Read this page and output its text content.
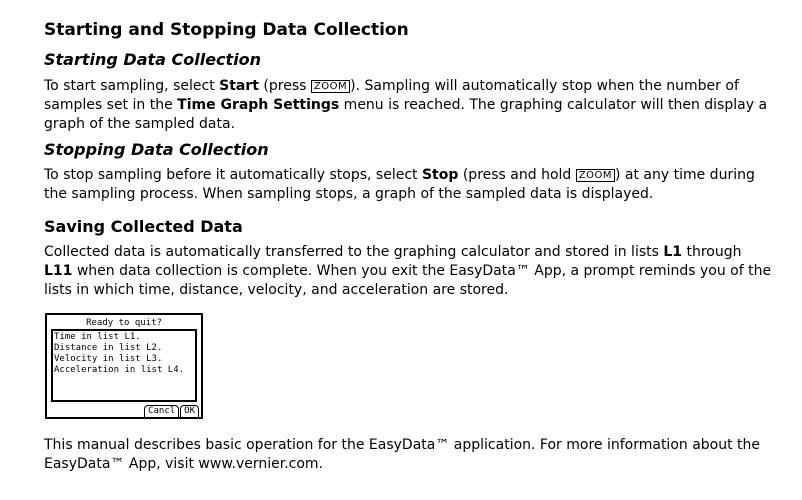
Starting and Stopping Data Collection
Starting Data Collection

To start sampling, select Start (press ZOOM ). Sampling will automatically stop when the number of samples set in the Time Graph Settings menu is reached. The graphing calculator will then display a graph of the sampled data.

Stopping Data Collection

To stop sampling before it automatically stops, select Stop (press and hold ZOOM ) at any time during the sampling process. When sampling stops, a graph of the sampled data is displayed.

Saving Collected Data

Collected data is automatically transferred to the graphing calculator and stored in lists L1 through L11 when data collection is complete. When you exit the EasyData™ App, a prompt reminds you of the lists in which time, distance, velocity, and acceleration are stored.

Ready to quit?
Time in list L1.
Distance in list L2.
Velocity in list L3.
Acceleration in list L4.
Cancl	OK

This manual describes basic operation for the EasyData™ application. For more information about the EasyData™ App, visit www.vernier.com.
